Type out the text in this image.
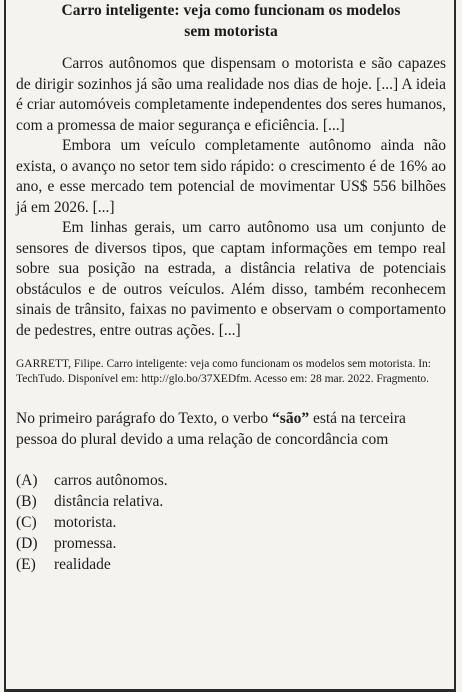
Carro inteligente: veja como funcionam os modelos
sem motorista

Carros autônomos que dispensam o motorista e são capazes de dirigir sozinhos já são uma realidade nos dias de hoje. [...] A ideia é criar automóveis completamente independentes dos seres humanos, com a promessa de maior segurança e eficiência. [...]

Embora um veículo completamente autônomo ainda não exista, o avanço no setor tem sido rápido: o crescimento é de 16% ao ano, e esse mercado tem potencial de movimentar US$ 556 bilhões já em 2026. [...]

Em linhas gerais, um carro autônomo usa um conjunto de sensores de diversos tipos, que captam informações em tempo real sobre sua posição na estrada, a distância relativa de potenciais obstáculos e de outros veículos. Além disso, também reconhecem sinais de trânsito, faixas no pavimento e observam o comportamento de pedestres, entre outras ações. [...]

GARRETT, Filipe. Carro inteligente: veja como funcionam os modelos sem motorista. In: TechTudo. Disponível em: http://glo.bo/37XEDfm. Acesso em: 28 mar. 2022. Fragmento.
No primeiro parágrafo do Texto, o verbo “são” está na terceira pessoa do plural devido a uma relação de concordância com
(A)	carros autônomos.
(B)	distância relativa.
(C)	motorista.
(D)	promessa.
(E)	realidade
